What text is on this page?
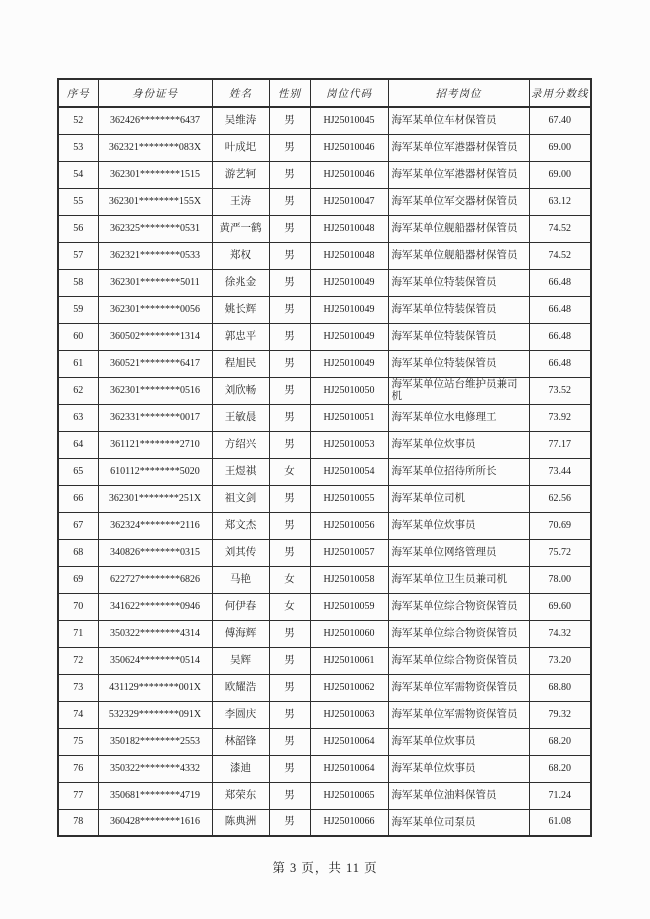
序号	身份证号	姓名	性别	岗位代码	招考岗位	录用分数线
52	362426********6437	吴维涛	男	HJ25010045	海军某单位车材保管员	67.40
53	362321********083X	叶成圯	男	HJ25010046	海军某单位军港器材保管员	69.00
54	362301********1515	游艺轲	男	HJ25010046	海军某单位军港器材保管员	69.00
55	362301********155X	王涛	男	HJ25010047	海军某单位军交器材保管员	63.12
56	362325********0531	黄严一鹤	男	HJ25010048	海军某单位舰船器材保管员	74.52
57	362321********0533	郑权	男	HJ25010048	海军某单位舰船器材保管员	74.52
58	362301********5011	徐兆金	男	HJ25010049	海军某单位特装保管员	66.48
59	362301********0056	姚长辉	男	HJ25010049	海军某单位特装保管员	66.48
60	360502********1314	郭忠平	男	HJ25010049	海军某单位特装保管员	66.48
61	360521********6417	程旭民	男	HJ25010049	海军某单位特装保管员	66.48
62	362301********0516	刘欣畅	男	HJ25010050	海军某单位站台维护员兼司机	73.52
63	362331********0017	王敏晨	男	HJ25010051	海军某单位水电修理工	73.92
64	361121********2710	方绍兴	男	HJ25010053	海军某单位炊事员	77.17
65	610112********5020	王煜祺	女	HJ25010054	海军某单位招待所所长	73.44
66	362301********251X	祖文剑	男	HJ25010055	海军某单位司机	62.56
67	362324********2116	郑文杰	男	HJ25010056	海军某单位炊事员	70.69
68	340826********0315	刘其传	男	HJ25010057	海军某单位网络管理员	75.72
69	622727********6826	马艳	女	HJ25010058	海军某单位卫生员兼司机	78.00
70	341622********0946	何伊春	女	HJ25010059	海军某单位综合物资保管员	69.60
71	350322********4314	傅海辉	男	HJ25010060	海军某单位综合物资保管员	74.32
72	350624********0514	吴辉	男	HJ25010061	海军某单位综合物资保管员	73.20
73	431129********001X	欧耀浩	男	HJ25010062	海军某单位军需物资保管员	68.80
74	532329********091X	李圆庆	男	HJ25010063	海军某单位军需物资保管员	79.32
75	350182********2553	林韶锋	男	HJ25010064	海军某单位炊事员	68.20
76	350322********4332	漆迪	男	HJ25010064	海军某单位炊事员	68.20
77	350681********4719	郑荣东	男	HJ25010065	海军某单位油料保管员	71.24
78	360428********1616	陈典洲	男	HJ25010066	海军某单位司泵员	61.08
第 3 页，共 11 页
